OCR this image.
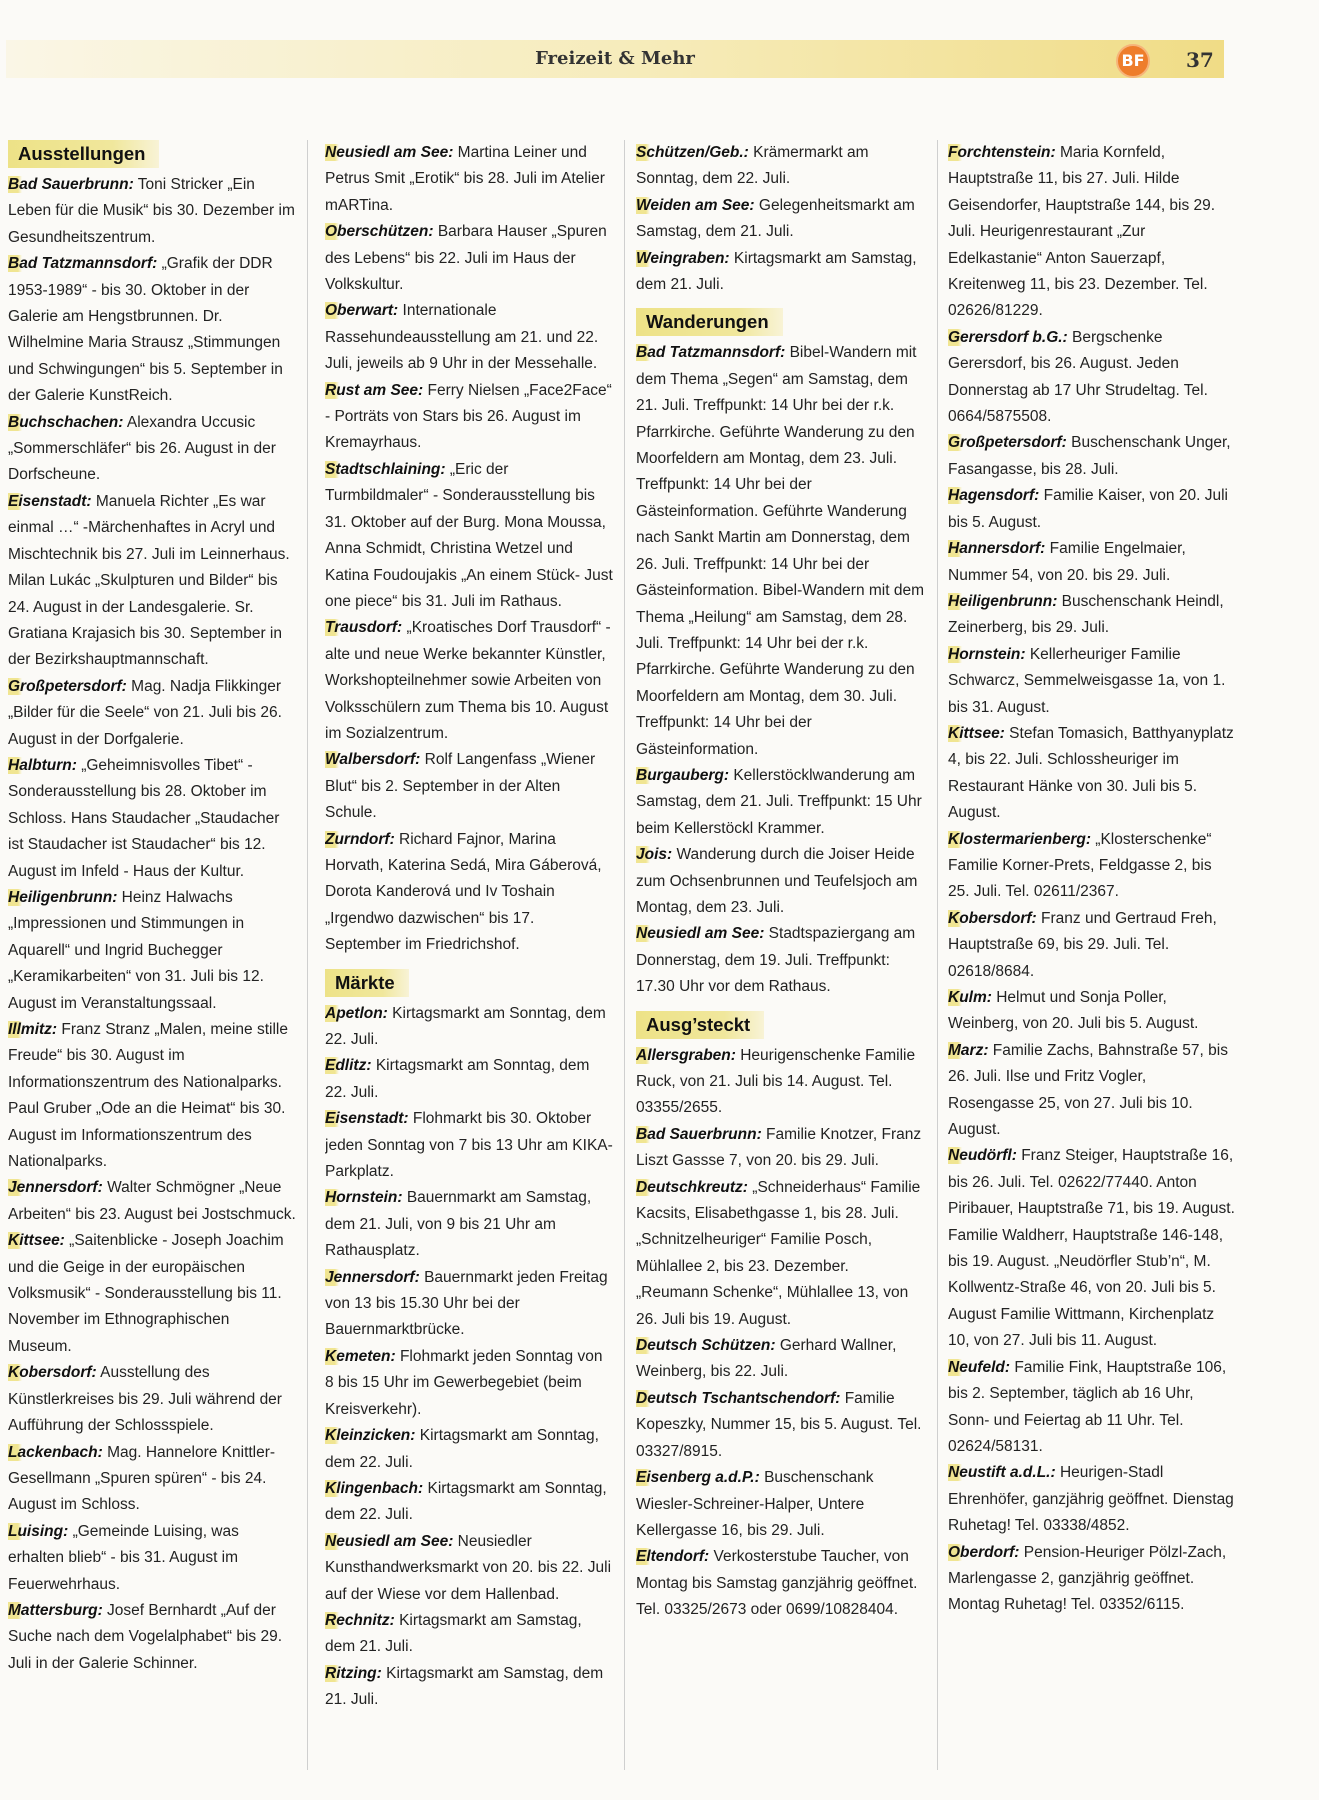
Freizeit & Mehr	BF 37
Ausstellungen

Bad Sauerbrunn: Toni Stricker „Ein Leben für die Musik“ bis 30. Dezember im Gesundheitszentrum.

Bad Tatzmannsdorf: „Grafik der DDR 1953-1989“ - bis 30. Oktober in der Galerie am Hengstbrunnen. Dr. Wilhelmine Maria Strausz „Stimmungen und Schwingungen“ bis 5. September in der Galerie KunstReich.

Buchschachen: Alexandra Uccusic „Sommerschläfer“ bis 26. August in der Dorfscheune.

Eisenstadt: Manuela Richter „Es war einmal …“ -Märchenhaftes in Acryl und Mischtechnik bis 27. Juli im Leinnerhaus. Milan Lukác „Skulpturen und Bilder“ bis 24. August in der Landesgalerie. Sr. Gratiana Krajasich bis 30. September in der Bezirkshauptmannschaft.

Großpetersdorf: Mag. Nadja Flikkinger „Bilder für die Seele“ von 21. Juli bis 26. August in der Dorfgalerie.

Halbturn: „Geheimnisvolles Tibet“ - Sonderausstellung bis 28. Oktober im Schloss. Hans Staudacher „Staudacher ist Staudacher ist Staudacher“ bis 12. August im Infeld - Haus der Kultur.

Heiligenbrunn: Heinz Halwachs „Impressionen und Stimmungen in Aquarell“ und Ingrid Buchegger „Keramikarbeiten“ von 31. Juli bis 12. August im Veranstaltungssaal.

Illmitz: Franz Stranz „Malen, meine stille Freude“ bis 30. August im Informationszentrum des Nationalparks. Paul Gruber „Ode an die Heimat“ bis 30. August im Informationszentrum des Nationalparks.

Jennersdorf: Walter Schmögner „Neue Arbeiten“ bis 23. August bei Jostschmuck.

Kittsee: „Saitenblicke - Joseph Joachim und die Geige in der europäischen Volksmusik“ - Sonderausstellung bis 11. November im Ethnographischen Museum.

Kobersdorf: Ausstellung des Künstlerkreises bis 29. Juli während der Aufführung der Schlossspiele.

Lackenbach: Mag. Hannelore Knittler-Gesellmann „Spuren spüren“ - bis 24. August im Schloss.

Luising: „Gemeinde Luising, was erhalten blieb“ - bis 31. August im Feuerwehrhaus.

Mattersburg: Josef Bernhardt „Auf der Suche nach dem Vogelalphabet“ bis 29. Juli in der Galerie Schinner.

Neusiedl am See: Martina Leiner und Petrus Smit „Erotik“ bis 28. Juli im Atelier mARTina.

Oberschützen: Barbara Hauser „Spuren des Lebens“ bis 22. Juli im Haus der Volkskultur.

Oberwart: Internationale Rassehundeausstellung am 21. und 22. Juli, jeweils ab 9 Uhr in der Messehalle.

Rust am See: Ferry Nielsen „Face2Face“ - Porträts von Stars bis 26. August im Kremayrhaus.

Stadtschlaining: „Eric der Turmbildmaler“ - Sonderausstellung bis 31. Oktober auf der Burg. Mona Moussa, Anna Schmidt, Christina Wetzel und Katina Foudoujakis „An einem Stück- Just one piece“ bis 31. Juli im Rathaus.

Trausdorf: „Kroatisches Dorf Trausdorf“ - alte und neue Werke bekannter Künstler, Workshopteilnehmer sowie Arbeiten von Volksschülern zum Thema bis 10. August im Sozialzentrum.

Walbersdorf: Rolf Langenfass „Wiener Blut“ bis 2. September in der Alten Schule.

Zurndorf: Richard Fajnor, Marina Horvath, Katerina Sedá, Mira Gáberová, Dorota Kanderová und Iv Toshain „Irgendwo dazwischen“ bis 17. September im Friedrichshof.

Märkte

Apetlon: Kirtagsmarkt am Sonntag, dem 22. Juli.

Edlitz: Kirtagsmarkt am Sonntag, dem 22. Juli.

Eisenstadt: Flohmarkt bis 30. Oktober jeden Sonntag von 7 bis 13 Uhr am KIKA-Parkplatz.

Hornstein: Bauernmarkt am Samstag, dem 21. Juli, von 9 bis 21 Uhr am Rathausplatz.

Jennersdorf: Bauernmarkt jeden Freitag von 13 bis 15.30 Uhr bei der Bauernmarktbrücke.

Kemeten: Flohmarkt jeden Sonntag von 8 bis 15 Uhr im Gewerbegebiet (beim Kreisverkehr).

Kleinzicken: Kirtagsmarkt am Sonntag, dem 22. Juli.

Klingenbach: Kirtagsmarkt am Sonntag, dem 22. Juli.

Neusiedl am See: Neusiedler Kunsthandwerksmarkt von 20. bis 22. Juli auf der Wiese vor dem Hallenbad.

Rechnitz: Kirtagsmarkt am Samstag, dem 21. Juli.

Ritzing: Kirtagsmarkt am Samstag, dem 21. Juli.

Schützen/Geb.: Krämermarkt am Sonntag, dem 22. Juli.

Weiden am See: Gelegenheitsmarkt am Samstag, dem 21. Juli.

Weingraben: Kirtagsmarkt am Samstag, dem 21. Juli.

Wanderungen

Bad Tatzmannsdorf: Bibel-Wandern mit dem Thema „Segen“ am Samstag, dem 21. Juli. Treffpunkt: 14 Uhr bei der r.k. Pfarrkirche. Geführte Wanderung zu den Moorfeldern am Montag, dem 23. Juli. Treffpunkt: 14 Uhr bei der Gästeinformation. Geführte Wanderung nach Sankt Martin am Donnerstag, dem 26. Juli. Treffpunkt: 14 Uhr bei der Gästeinformation. Bibel-Wandern mit dem Thema „Heilung“ am Samstag, dem 28. Juli. Treffpunkt: 14 Uhr bei der r.k. Pfarrkirche. Geführte Wanderung zu den Moorfeldern am Montag, dem 30. Juli. Treffpunkt: 14 Uhr bei der Gästeinformation.

Burgauberg: Kellerstöcklwanderung am Samstag, dem 21. Juli. Treffpunkt: 15 Uhr beim Kellerstöckl Krammer.

Jois: Wanderung durch die Joiser Heide zum Ochsenbrunnen und Teufelsjoch am Montag, dem 23. Juli.

Neusiedl am See: Stadtspaziergang am Donnerstag, dem 19. Juli. Treffpunkt: 17.30 Uhr vor dem Rathaus.

Ausg’steckt

Allersgraben: Heurigenschenke Familie Ruck, von 21. Juli bis 14. August. Tel. 03355/2655.

Bad Sauerbrunn: Familie Knotzer, Franz Liszt Gassse 7, von 20. bis 29. Juli.

Deutschkreutz: „Schneiderhaus“ Familie Kacsits, Elisabethgasse 1, bis 28. Juli. „Schnitzelheuriger“ Familie Posch, Mühlallee 2, bis 23. Dezember. „Reumann Schenke“, Mühlallee 13, von 26. Juli bis 19. August.

Deutsch Schützen: Gerhard Wallner, Weinberg, bis 22. Juli.

Deutsch Tschantschendorf: Familie Kopeszky, Nummer 15, bis 5. August. Tel. 03327/8915.

Eisenberg a.d.P.: Buschenschank Wiesler-Schreiner-Halper, Untere Kellergasse 16, bis 29. Juli.

Eltendorf: Verkosterstube Taucher, von Montag bis Samstag ganzjährig geöffnet. Tel. 03325/2673 oder 0699/10828404.

Forchtenstein: Maria Kornfeld, Hauptstraße 11, bis 27. Juli. Hilde Geisendorfer, Hauptstraße 144, bis 29. Juli. Heurigenrestaurant „Zur Edelkastanie“ Anton Sauerzapf, Kreitenweg 11, bis 23. Dezember. Tel. 02626/81229.

Gerersdorf b.G.: Bergschenke Gerersdorf, bis 26. August. Jeden Donnerstag ab 17 Uhr Strudeltag. Tel. 0664/5875508.

Großpetersdorf: Buschenschank Unger, Fasangasse, bis 28. Juli.

Hagensdorf: Familie Kaiser, von 20. Juli bis 5. August.

Hannersdorf: Familie Engelmaier, Nummer 54, von 20. bis 29. Juli.

Heiligenbrunn: Buschenschank Heindl, Zeinerberg, bis 29. Juli.

Hornstein: Kellerheuriger Familie Schwarcz, Semmelweisgasse 1a, von 1. bis 31. August.

Kittsee: Stefan Tomasich, Batthyanyplatz 4, bis 22. Juli. Schlossheuriger im Restaurant Hänke von 30. Juli bis 5. August.

Klostermarienberg: „Klosterschenke“ Familie Korner-Prets, Feldgasse 2, bis 25. Juli. Tel. 02611/2367.

Kobersdorf: Franz und Gertraud Freh, Hauptstraße 69, bis 29. Juli. Tel. 02618/8684.

Kulm: Helmut und Sonja Poller, Weinberg, von 20. Juli bis 5. August.

Marz: Familie Zachs, Bahnstraße 57, bis 26. Juli. Ilse und Fritz Vogler, Rosengasse 25, von 27. Juli bis 10. August.

Neudörfl: Franz Steiger, Hauptstraße 16, bis 26. Juli. Tel. 02622/77440. Anton Piribauer, Hauptstraße 71, bis 19. August. Familie Waldherr, Hauptstraße 146-148, bis 19. August. „Neudörfler Stub’n“, M. Kollwentz-Straße 46, von 20. Juli bis 5. August Familie Wittmann, Kirchenplatz 10, von 27. Juli bis 11. August.

Neufeld: Familie Fink, Hauptstraße 106, bis 2. September, täglich ab 16 Uhr, Sonn- und Feiertag ab 11 Uhr. Tel. 02624/58131.

Neustift a.d.L.: Heurigen-Stadl Ehrenhöfer, ganzjährig geöffnet. Dienstag Ruhetag! Tel. 03338/4852.

Oberdorf: Pension-Heuriger Pölzl-Zach, Marlengasse 2, ganzjährig geöffnet. Montag Ruhetag! Tel. 03352/6115.
